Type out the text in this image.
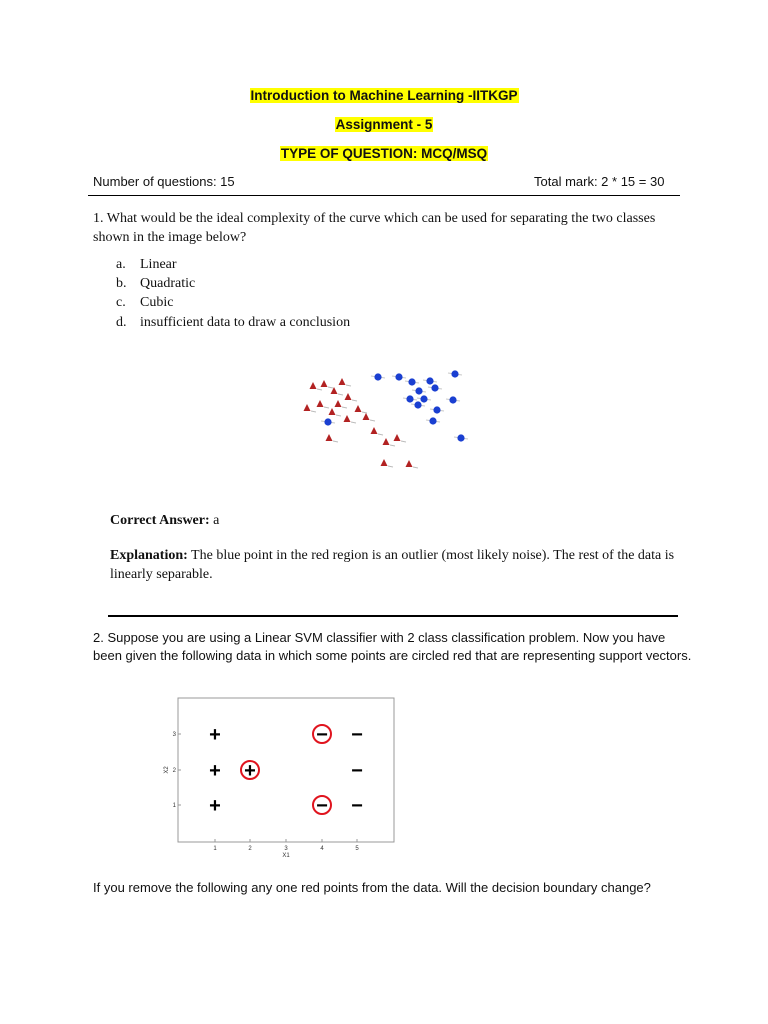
Introduction to Machine Learning -IITKGP
Assignment - 5
TYPE OF QUESTION: MCQ/MSQ
Number of questions: 15	Total mark: 2 * 15 = 30
1. What would be the ideal complexity of the curve which can be used for separating the two classes shown in the image below?
a. Linear
b. Quadratic
c. Cubic
d. insufficient data to draw a conclusion
Correct Answer: a
Explanation: The blue point in the red region is an outlier (most likely noise). The rest of the data is linearly separable.
2. Suppose you are using a Linear SVM classifier with 2 class classification problem. Now you have been given the following data in which some points are circled red that are representing support vectors.
1	2	3	4	5
X1
3
2
1
X2
+
+ +
+
− −
−
− −
If you remove the following any one red points from the data. Will the decision boundary change?
